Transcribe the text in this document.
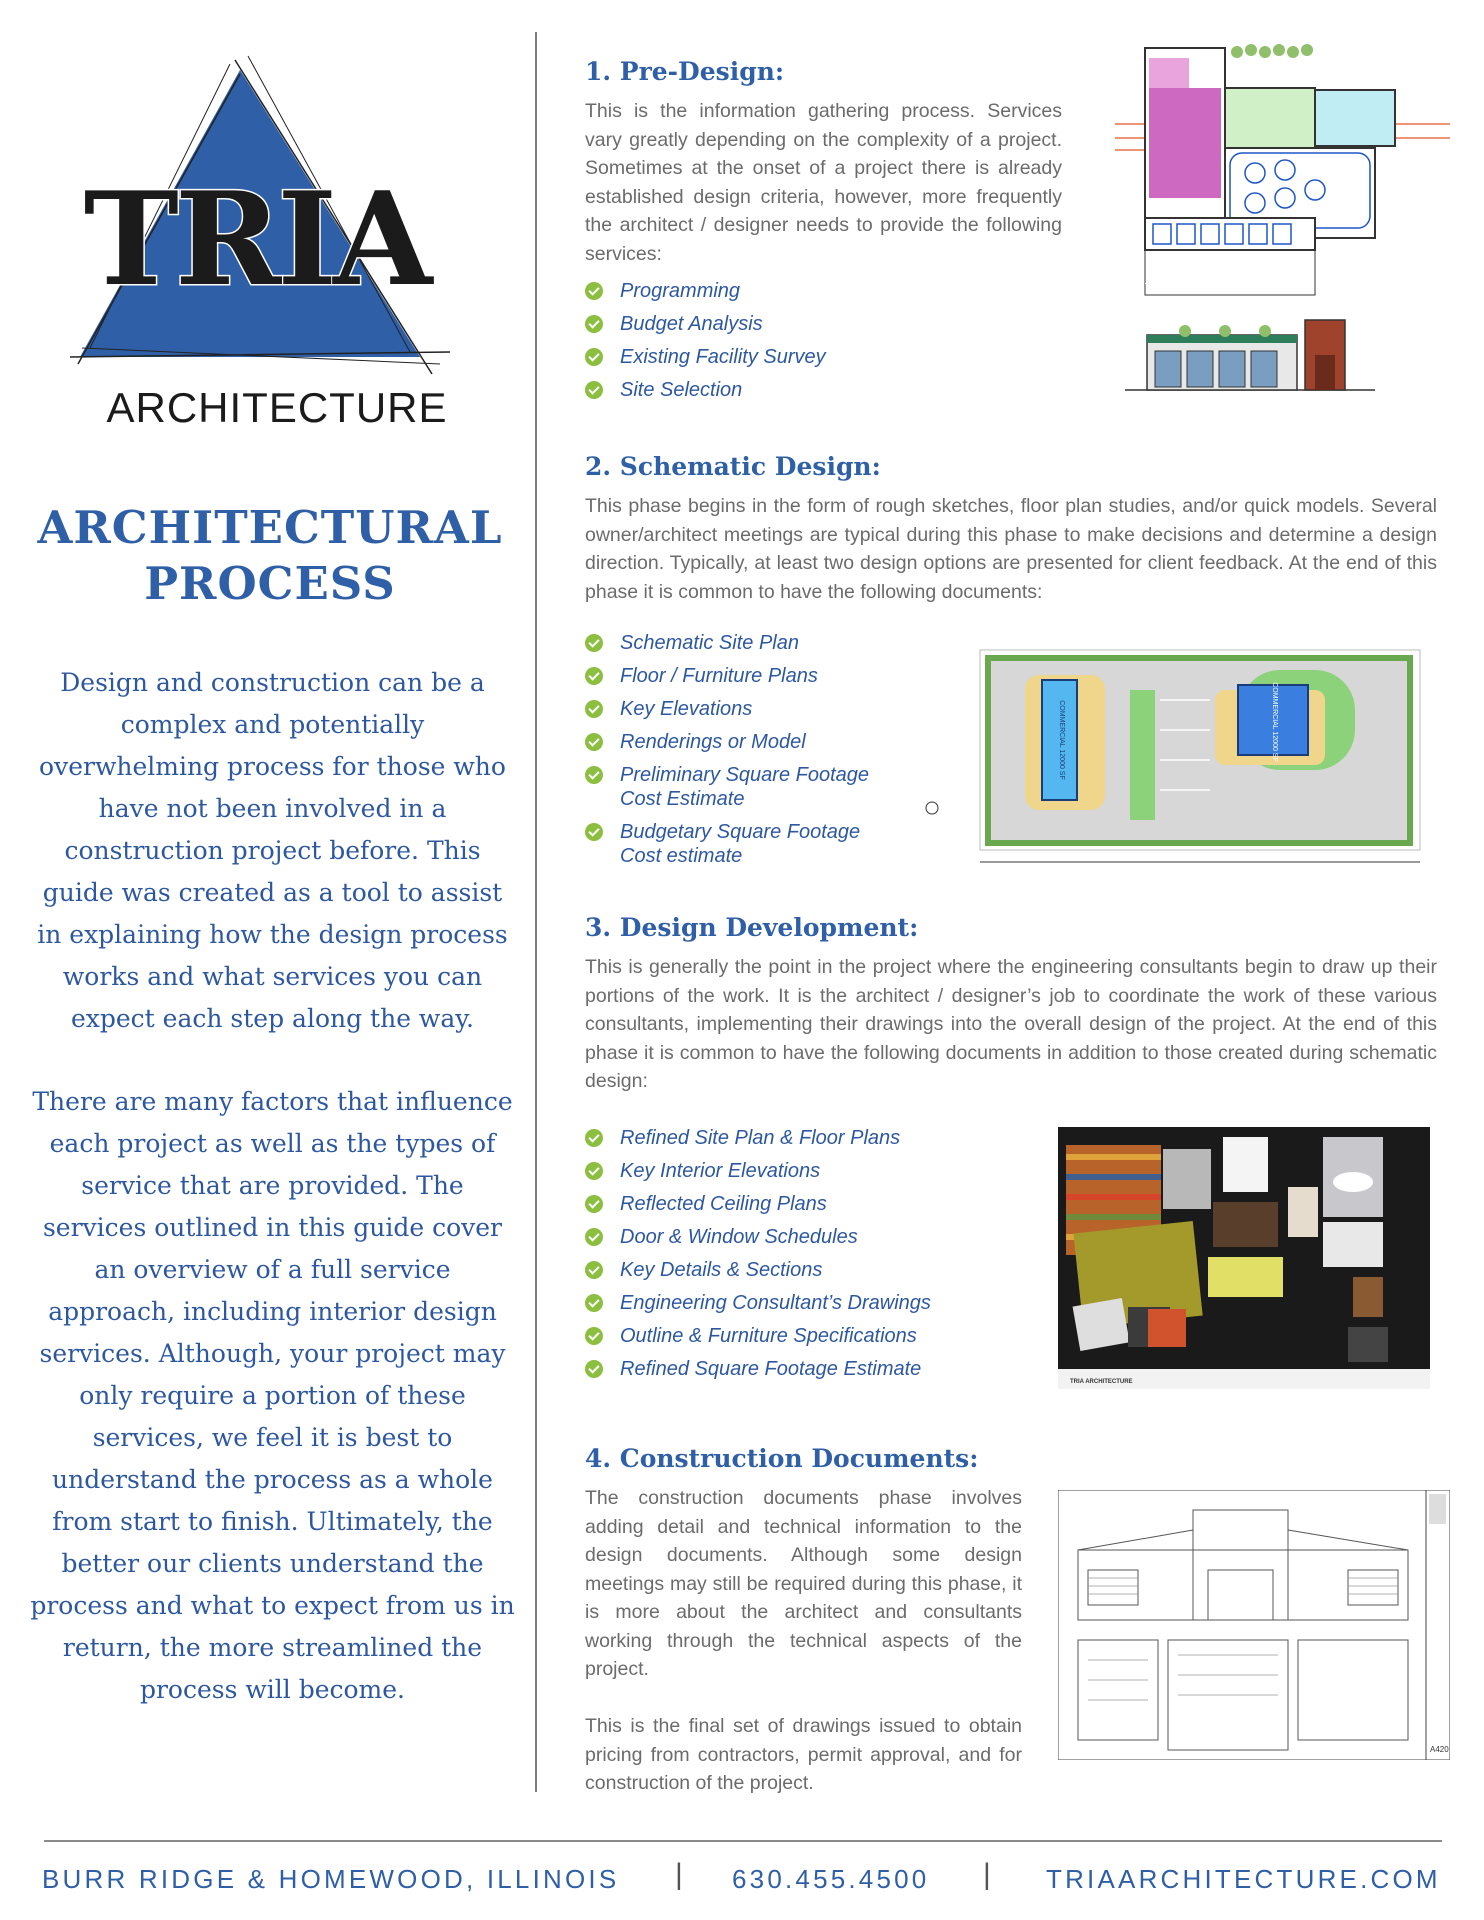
TRIA
ARCHITECTURE
ARCHITECTURAL
PROCESS
Design and construction can be a complex and potentially overwhelming process for those who have not been involved in a construction project before. This guide was created as a tool to assist in explaining how the design process works and what services you can expect each step along the way.
There are many factors that influence each project as well as the types of service that are provided. The services outlined in this guide cover an overview of a full service approach, including interior design services. Although, your project may only require a portion of these services, we feel it is best to understand the process as a whole from start to finish. Ultimately, the better our clients understand the process and what to expect from us in return, the more streamlined the process will become.
1. Pre-Design:
This is the information gathering process. Services vary greatly depending on the complexity of a project. Sometimes at the onset of a project there is already established design criteria, however, more frequently the architect / designer needs to provide the following services:
Programming
Budget Analysis
Existing Facility Survey
Site Selection
2. Schematic Design:
This phase begins in the form of rough sketches, floor plan studies, and/or quick models. Several owner/architect meetings are typical during this phase to make decisions and determine a design direction. Typically, at least two design options are presented for client feedback. At the end of this phase it is common to have the following documents:
Schematic Site Plan
Floor / Furniture Plans
Key Elevations
Renderings or Model
Preliminary Square Footage Cost Estimate
Budgetary Square Footage Cost estimate
COMMERCIAL 12000 SF	COMMERCIAL 12000 SF
3. Design Development:
This is generally the point in the project where the engineering consultants begin to draw up their portions of the work. It is the architect / designer’s job to coordinate the work of these various consultants, implementing their drawings into the overall design of the project. At the end of this phase it is common to have the following documents in addition to those created during schematic design:
Refined Site Plan & Floor Plans
Key Interior Elevations
Reflected Ceiling Plans
Door & Window Schedules
Key Details & Sections
Engineering Consultant’s Drawings
Outline & Furniture Specifications
Refined Square Footage Estimate
TRIA ARCHITECTURE
4. Construction Documents:
The construction documents phase involves adding detail and technical information to the design documents. Although some design meetings may still be required during this phase, it is more about the architect and consultants working through the technical aspects of the project.
This is the final set of drawings issued to obtain pricing from contractors, permit approval, and for construction of the project.
A420
BURR RIDGE & HOMEWOOD, ILLINOIS | 630.455.4500 | TRIAARCHITECTURE.COM
